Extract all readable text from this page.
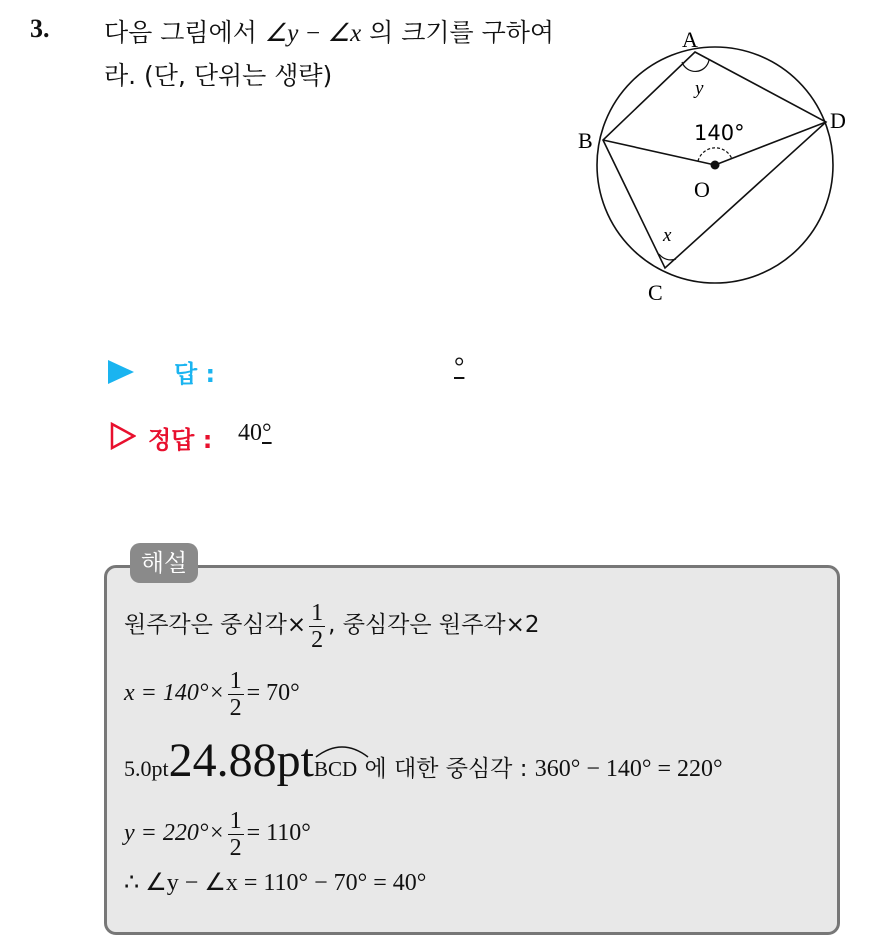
3. 다음 그림에서 ∠y − ∠x 의 크기를 구하여
라. (단, 단위는 생략)
A
B
C
D
O
y
x
140°
답 :	°
정답 : 40°
해설
원주각은 중심각× $\frac{1}{2}$ , 중심각은 원주각×2
$x = 140^\circ\times \frac{1}{2} = 70^\circ$
5.0pt24.88pt
BCD 에 대한 중심각 : 360° − 140° = 220°
$y = 220^\circ\times \frac{1}{2} = 110^\circ$
∴ ∠y − ∠x = 110° − 70° = 40°
